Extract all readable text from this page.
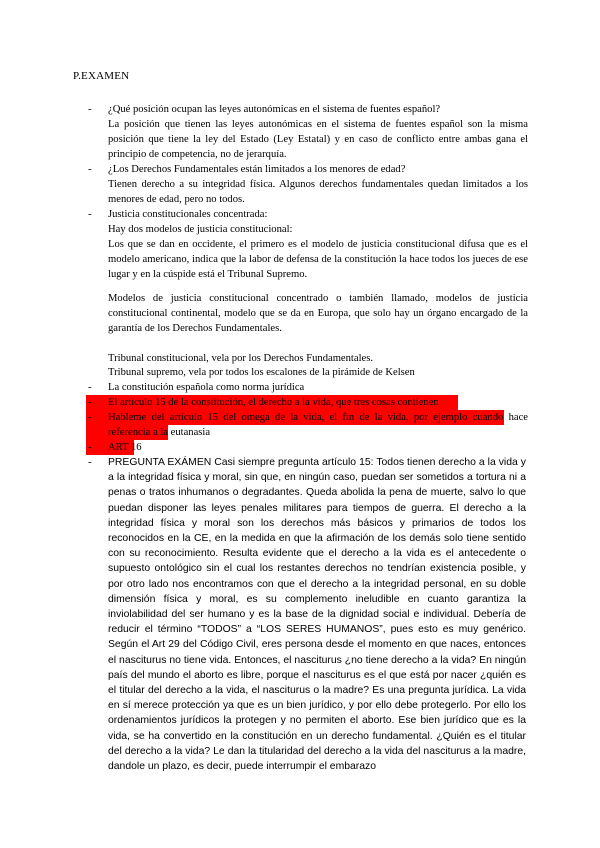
P.EXAMEN
-	¿Qué posición ocupan las leyes autonómicas en el sistema de fuentes español?
La posición que tienen las leyes autonómicas en el sistema de fuentes español son la misma posición que tiene la ley del Estado (Ley Estatal) y en caso de conflicto entre ambas gana el principio de competencia, no de jerarquía.
-	¿Los Derechos Fundamentales están limitados a los menores de edad?
Tienen derecho a su integridad física. Algunos derechos fundamentales quedan limitados a los menores de edad, pero no todos.
-	Justicia constitucionales concentrada:
Hay dos modelos de justicia constitucional:
Los que se dan en occidente, el primero es el modelo de justicia constitucional difusa que es el modelo americano, indica que la labor de defensa de la constitución la hace todos los jueces de ese lugar y en la cúspide está el Tribunal Supremo.
Modelos de justicia constitucional concentrado o también llamado, modelos de justicia constitucional continental, modelo que se da en Europa, que solo hay un órgano encargado de la garantía de los Derechos Fundamentales.
Tribunal constitucional, vela por los Derechos Fundamentales.
Tribunal supremo, vela por todos los escalones de la pirámide de Kelsen
-	La constitución española como norma jurídica
-	El artículo 15 de la constitución, el derecho a la vida, que tres cosas contienen
-	Hableme del artículo 15 del omega de la vida, el fin de la vida, por ejemplo cuando hace referencia a la eutanasia
-	ART 16
-	PREGUNTA EXÁMEN Casi siempre pregunta artículo 15: Todos tienen derecho a la vida y a la integridad física y moral, sin que, en ningún caso, puedan ser sometidos a tortura ni a penas o tratos inhumanos o degradantes. Queda abolida la pena de muerte, salvo lo que puedan disponer las leyes penales militares para tiempos de guerra. El derecho a la integridad física y moral son los derechos más básicos y primarios de todos los reconocidos en la CE, en la medida en que la afirmación de los demás solo tiene sentido con su reconocimiento. Resulta evidente que el derecho a la vida es el antecedente o supuesto ontológico sin el cual los restantes derechos no tendrían existencia posible, y por otro lado nos encontramos con que el derecho a la integridad personal, en su doble dimensión física y moral, es su complemento ineludible en cuanto garantiza la inviolabilidad del ser humano y es la base de la dignidad social e individual. Debería de reducir el término “TODOS” a “LOS SERES HUMANOS”, pues esto es muy genérico. Según el Art 29 del Código Civil, eres persona desde el momento en que naces, entonces el nasciturus no tiene vida. Entonces, el nasciturus ¿no tiene derecho a la vida? En ningún país del mundo el aborto es libre, porque el nasciturus es el que está por nacer ¿quién es el titular del derecho a la vida, el nasciturus o la madre? Es una pregunta jurídica. La vida en sí merece protección ya que es un bien jurídico, y por ello debe protegerlo. Por ello los ordenamientos jurídicos la protegen y no permiten el aborto. Ese bien jurídico que es la vida, se ha convertido en la constitución en un derecho fundamental. ¿Quién es el titular del derecho a la vida? Le dan la titularidad del derecho a la vida del nasciturus a la madre, dandole un plazo, es decir, puede interrumpir el embarazo
